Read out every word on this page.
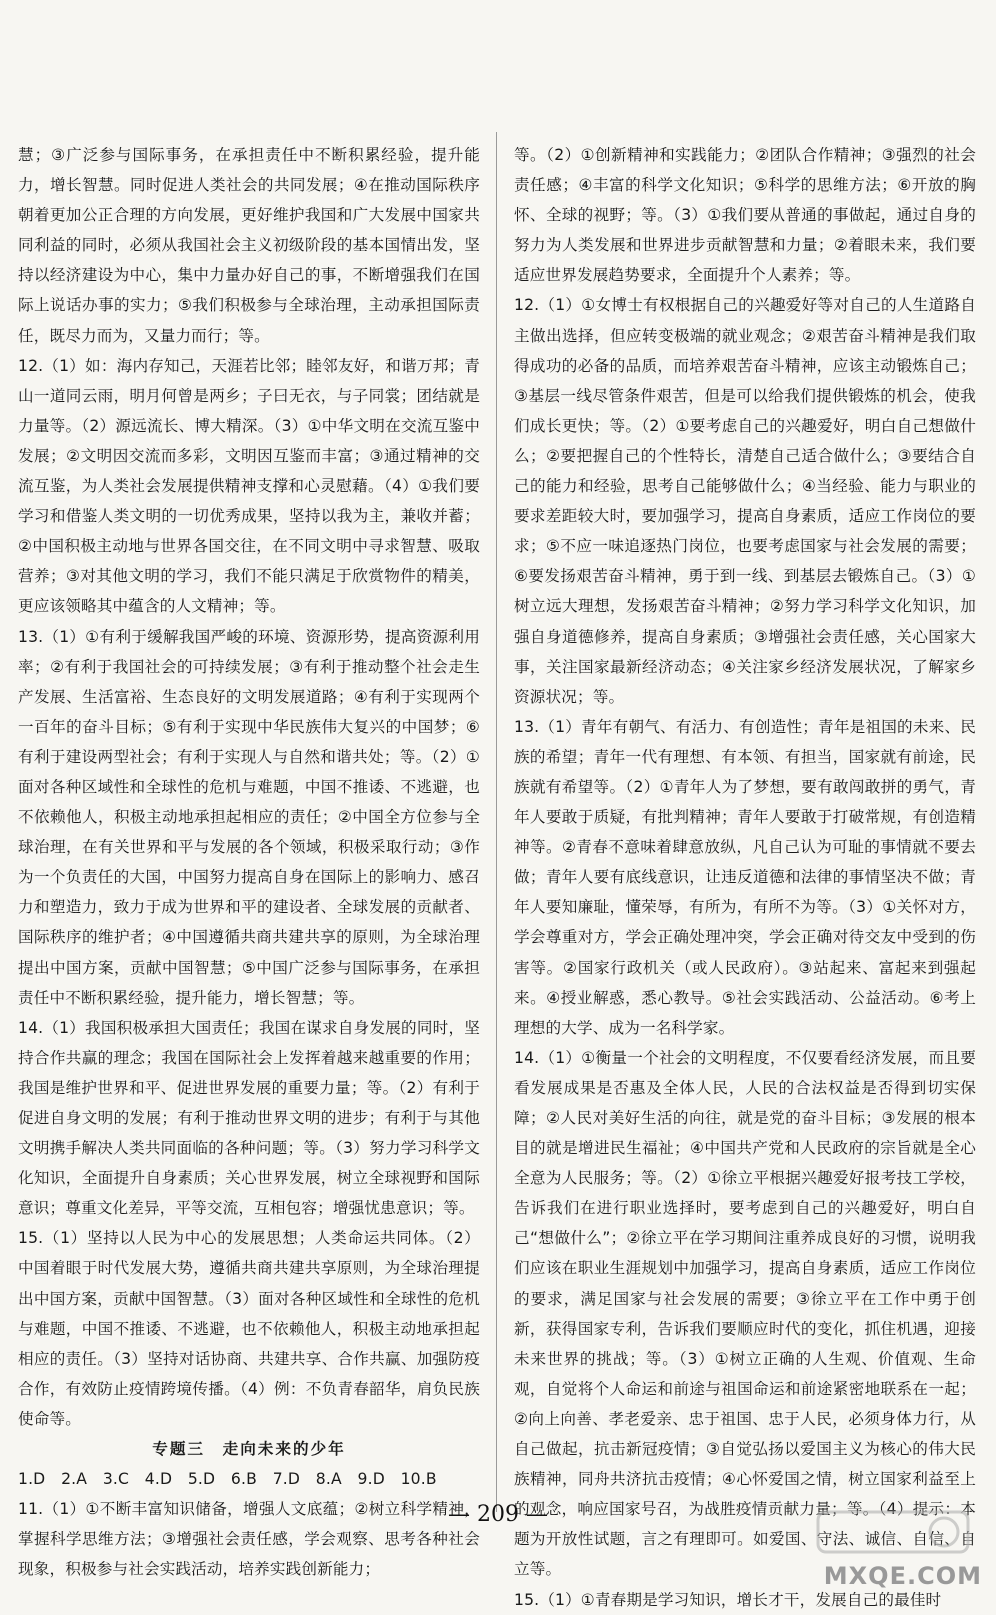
慧；③广泛参与国际事务，在承担责任中不断积累经验，提升能力，增长智慧。同时促进人类社会的共同发展；④在推动国际秩序朝着更加公正合理的方向发展，更好维护我国和广大发展中国家共同利益的同时，必须从我国社会主义初级阶段的基本国情出发，坚持以经济建设为中心，集中力量办好自己的事，不断增强我们在国际上说话办事的实力；⑤我们积极参与全球治理，主动承担国际责任，既尽力而为，又量力而行；等。

12.（1）如：海内存知己，天涯若比邻；睦邻友好，和谐万邦；青山一道同云雨，明月何曾是两乡；子曰无衣，与子同裳；团结就是力量等。（2）源远流长、博大精深。（3）①中华文明在交流互鉴中发展；②文明因交流而多彩，文明因互鉴而丰富；③通过精神的交流互鉴，为人类社会发展提供精神支撑和心灵慰藉。（4）①我们要学习和借鉴人类文明的一切优秀成果，坚持以我为主，兼收并蓄；②中国积极主动地与世界各国交往，在不同文明中寻求智慧、吸取营养；③对其他文明的学习，我们不能只满足于欣赏物件的精美，更应该领略其中蕴含的人文精神；等。

13.（1）①有利于缓解我国严峻的环境、资源形势，提高资源利用率；②有利于我国社会的可持续发展；③有利于推动整个社会走生产发展、生活富裕、生态良好的文明发展道路；④有利于实现两个一百年的奋斗目标；⑤有利于实现中华民族伟大复兴的中国梦；⑥有利于建设两型社会；有利于实现人与自然和谐共处；等。（2）①面对各种区域性和全球性的危机与难题，中国不推诿、不逃避，也不依赖他人，积极主动地承担起相应的责任；②中国全方位参与全球治理，在有关世界和平与发展的各个领域，积极采取行动；③作为一个负责任的大国，中国努力提高自身在国际上的影响力、感召力和塑造力，致力于成为世界和平的建设者、全球发展的贡献者、国际秩序的维护者；④中国遵循共商共建共享的原则，为全球治理提出中国方案，贡献中国智慧；⑤中国广泛参与国际事务，在承担责任中不断积累经验，提升能力，增长智慧；等。

14.（1）我国积极承担大国责任；我国在谋求自身发展的同时，坚持合作共赢的理念；我国在国际社会上发挥着越来越重要的作用；我国是维护世界和平、促进世界发展的重要力量；等。（2）有利于促进自身文明的发展；有利于推动世界文明的进步；有利于与其他文明携手解决人类共同面临的各种问题；等。（3）努力学习科学文化知识，全面提升自身素质；关心世界发展，树立全球视野和国际意识；尊重文化差异，平等交流，互相包容；增强忧患意识；等。

15.（1）坚持以人民为中心的发展思想；人类命运共同体。（2）中国着眼于时代发展大势，遵循共商共建共享原则，为全球治理提出中国方案，贡献中国智慧。（3）面对各种区域性和全球性的危机与难题，中国不推诿、不逃避，也不依赖他人，积极主动地承担起相应的责任。（3）坚持对话协商、共建共享、合作共赢、加强防疫合作，有效防止疫情跨境传播。（4）例：不负青春韶华，肩负民族使命等。

专题三　走向未来的少年

1.D　2.A　3.C　4.D　5.D　6.B　7.D　8.A　9.D　10.B

11.（1）①不断丰富知识储备，增强人文底蕴；②树立科学精神，掌握科学思维方法；③增强社会责任感，学会观察、思考各种社会现象，积极参与社会实践活动，培养实践创新能力；

等。（2）①创新精神和实践能力；②团队合作精神；③强烈的社会责任感；④丰富的科学文化知识；⑤科学的思维方法；⑥开放的胸怀、全球的视野；等。（3）①我们要从普通的事做起，通过自身的努力为人类发展和世界进步贡献智慧和力量；②着眼未来，我们要适应世界发展趋势要求，全面提升个人素养；等。

12.（1）①女博士有权根据自己的兴趣爱好等对自己的人生道路自主做出选择，但应转变极端的就业观念；②艰苦奋斗精神是我们取得成功的必备的品质，而培养艰苦奋斗精神，应该主动锻炼自己；③基层一线尽管条件艰苦，但是可以给我们提供锻炼的机会，使我们成长更快；等。（2）①要考虑自己的兴趣爱好，明白自己想做什么；②要把握自己的个性特长，清楚自己适合做什么；③要结合自己的能力和经验，思考自己能够做什么；④当经验、能力与职业的要求差距较大时，要加强学习，提高自身素质，适应工作岗位的要求；⑤不应一味追逐热门岗位，也要考虑国家与社会发展的需要；⑥要发扬艰苦奋斗精神，勇于到一线、到基层去锻炼自己。（3）①树立远大理想，发扬艰苦奋斗精神；②努力学习科学文化知识，加强自身道德修养，提高自身素质；③增强社会责任感，关心国家大事，关注国家最新经济动态；④关注家乡经济发展状况，了解家乡资源状况；等。

13.（1）青年有朝气、有活力、有创造性；青年是祖国的未来、民族的希望；青年一代有理想、有本领、有担当，国家就有前途，民族就有希望等。（2）①青年人为了梦想，要有敢闯敢拼的勇气，青年人要敢于质疑，有批判精神；青年人要敢于打破常规，有创造精神等。②青春不意味着肆意放纵，凡自己认为可耻的事情就不要去做；青年人要有底线意识，让违反道德和法律的事情坚决不做；青年人要知廉耻，懂荣辱，有所为，有所不为等。（3）①关怀对方，学会尊重对方，学会正确处理冲突，学会正确对待交友中受到的伤害等。②国家行政机关（或人民政府）。③站起来、富起来到强起来。④授业解惑，悉心教导。⑤社会实践活动、公益活动。⑥考上理想的大学、成为一名科学家。

14.（1）①衡量一个社会的文明程度，不仅要看经济发展，而且要看发展成果是否惠及全体人民，人民的合法权益是否得到切实保障；②人民对美好生活的向往，就是党的奋斗目标；③发展的根本目的就是增进民生福祉；④中国共产党和人民政府的宗旨就是全心全意为人民服务；等。（2）①徐立平根据兴趣爱好报考技工学校，告诉我们在进行职业选择时，要考虑到自己的兴趣爱好，明白自己“想做什么”；②徐立平在学习期间注重养成良好的习惯，说明我们应该在职业生涯规划中加强学习，提高自身素质，适应工作岗位的要求，满足国家与社会发展的需要；③徐立平在工作中勇于创新，获得国家专利，告诉我们要顺应时代的变化，抓住机遇，迎接未来世界的挑战；等。（3）①树立正确的人生观、价值观、生命观，自觉将个人命运和前途与祖国命运和前途紧密地联系在一起；②向上向善、孝老爱亲、忠于祖国、忠于人民，必须身体力行，从自己做起，抗击新冠疫情；③自觉弘扬以爱国主义为核心的伟大民族精神，同舟共济抗击疫情；④心怀爱国之情，树立国家利益至上的观念，响应国家号召，为战胜疫情贡献力量；等。（4）提示：本题为开放性试题，言之有理即可。如爱国、守法、诚信、自信、自立等。

15.（1）①青春期是学习知识，增长才干，发展自己的最佳时

— 209 —
MXQE.COM
